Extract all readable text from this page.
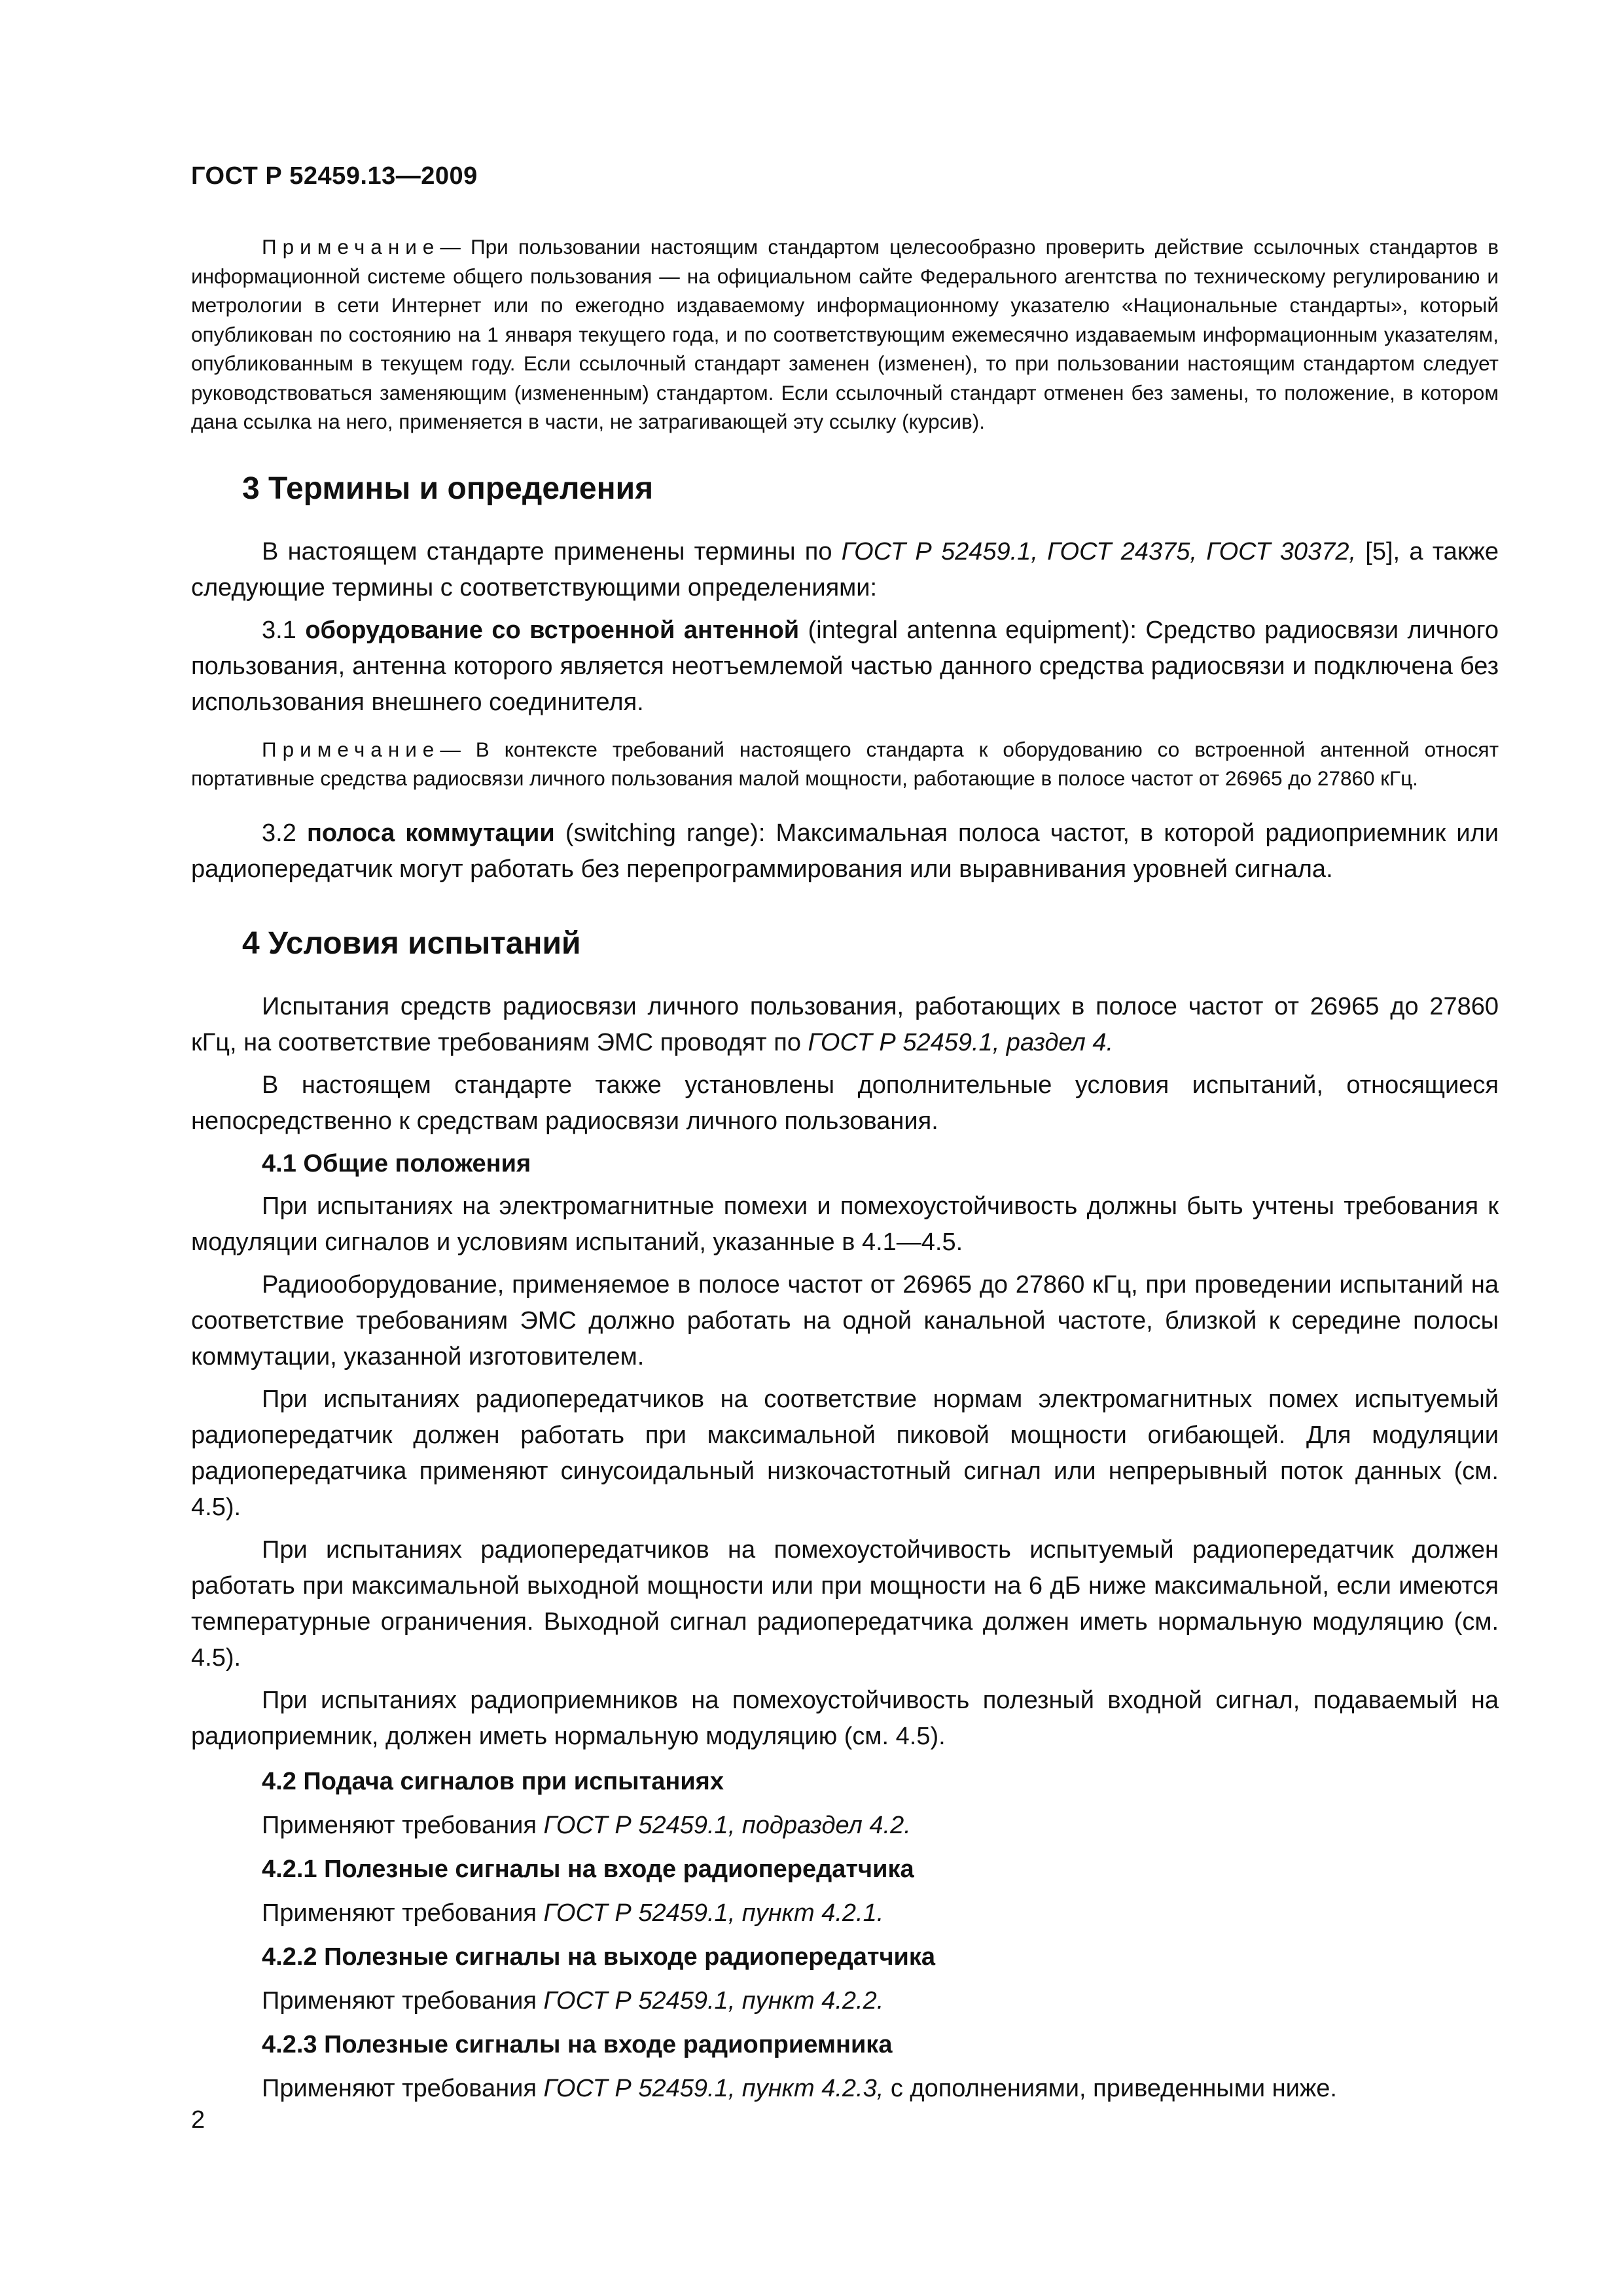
ГОСТ Р 52459.13—2009

Примечание— При пользовании настоящим стандартом целесообразно проверить действие ссылочных стандартов в информационной системе общего пользования — на официальном сайте Федерального агентства по техническому регулированию и метрологии в сети Интернет или по ежегодно издаваемому информационному указателю «Национальные стандарты», который опубликован по состоянию на 1 января текущего года, и по соответствующим ежемесячно издаваемым информационным указателям, опубликованным в текущем году. Если ссылочный стандарт заменен (изменен), то при пользовании настоящим стандартом следует руководствоваться заменяющим (измененным) стандартом. Если ссылочный стандарт отменен без замены, то положение, в котором дана ссылка на него, применяется в части, не затрагивающей эту ссылку (курсив).

3 Термины и определения

В настоящем стандарте применены термины по ГОСТ Р 52459.1, ГОСТ 24375, ГОСТ 30372, [5], а также следующие термины с соответствующими определениями:

3.1 оборудование со встроенной антенной (integral antenna equipment): Средство радиосвязи личного пользования, антенна которого является неотъемлемой частью данного средства радиосвязи и подключена без использования внешнего соединителя.

Примечание— В контексте требований настоящего стандарта к оборудованию со встроенной антенной относят портативные средства радиосвязи личного пользования малой мощности, работающие в полосе частот от 26965 до 27860 кГц.

3.2 полоса коммутации (switching range): Максимальная полоса частот, в которой радиоприемник или радиопередатчик могут работать без перепрограммирования или выравнивания уровней сигнала.

4 Условия испытаний

Испытания средств радиосвязи личного пользования, работающих в полосе частот от 26965 до 27860 кГц, на соответствие требованиям ЭМС проводят по ГОСТ Р 52459.1, раздел 4.

В настоящем стандарте также установлены дополнительные условия испытаний, относящиеся непосредственно к средствам радиосвязи личного пользования.

4.1 Общие положения

При испытаниях на электромагнитные помехи и помехоустойчивость должны быть учтены требования к модуляции сигналов и условиям испытаний, указанные в 4.1—4.5.

Радиооборудование, применяемое в полосе частот от 26965 до 27860 кГц, при проведении испытаний на соответствие требованиям ЭМС должно работать на одной канальной частоте, близкой к середине полосы коммутации, указанной изготовителем.

При испытаниях радиопередатчиков на соответствие нормам электромагнитных помех испытуемый радиопередатчик должен работать при максимальной пиковой мощности огибающей. Для модуляции радиопередатчика применяют синусоидальный низкочастотный сигнал или непрерывный поток данных (см. 4.5).

При испытаниях радиопередатчиков на помехоустойчивость испытуемый радиопередатчик должен работать при максимальной выходной мощности или при мощности на 6 дБ ниже максимальной, если имеются температурные ограничения. Выходной сигнал радиопередатчика должен иметь нормальную модуляцию (см. 4.5).

При испытаниях радиоприемников на помехоустойчивость полезный входной сигнал, подаваемый на радиоприемник, должен иметь нормальную модуляцию (см. 4.5).

4.2 Подача сигналов при испытаниях

Применяют требования ГОСТ Р 52459.1, подраздел 4.2.

4.2.1 Полезные сигналы на входе радиопередатчика

Применяют требования ГОСТ Р 52459.1, пункт 4.2.1.

4.2.2 Полезные сигналы на выходе радиопередатчика

Применяют требования ГОСТ Р 52459.1, пункт 4.2.2.

4.2.3 Полезные сигналы на входе радиоприемника

Применяют требования ГОСТ Р 52459.1, пункт 4.2.3, с дополнениями, приведенными ниже.

2
